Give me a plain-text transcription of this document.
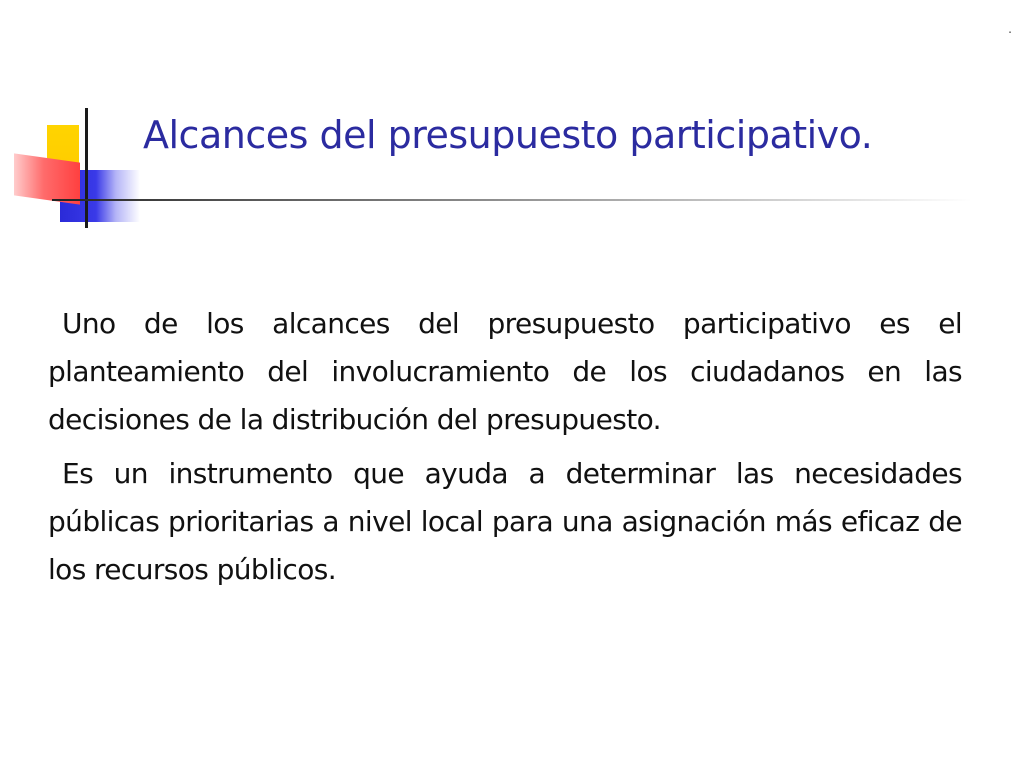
.
Alcances del presupuesto participativo.

Uno de los alcances del presupuesto participativo es el planteamiento del involucramiento de los ciudadanos en las decisiones de la distribución del presupuesto.

Es un instrumento que ayuda a determinar las necesidades públicas prioritarias a nivel local para una asignación más eficaz de los recursos públicos.
